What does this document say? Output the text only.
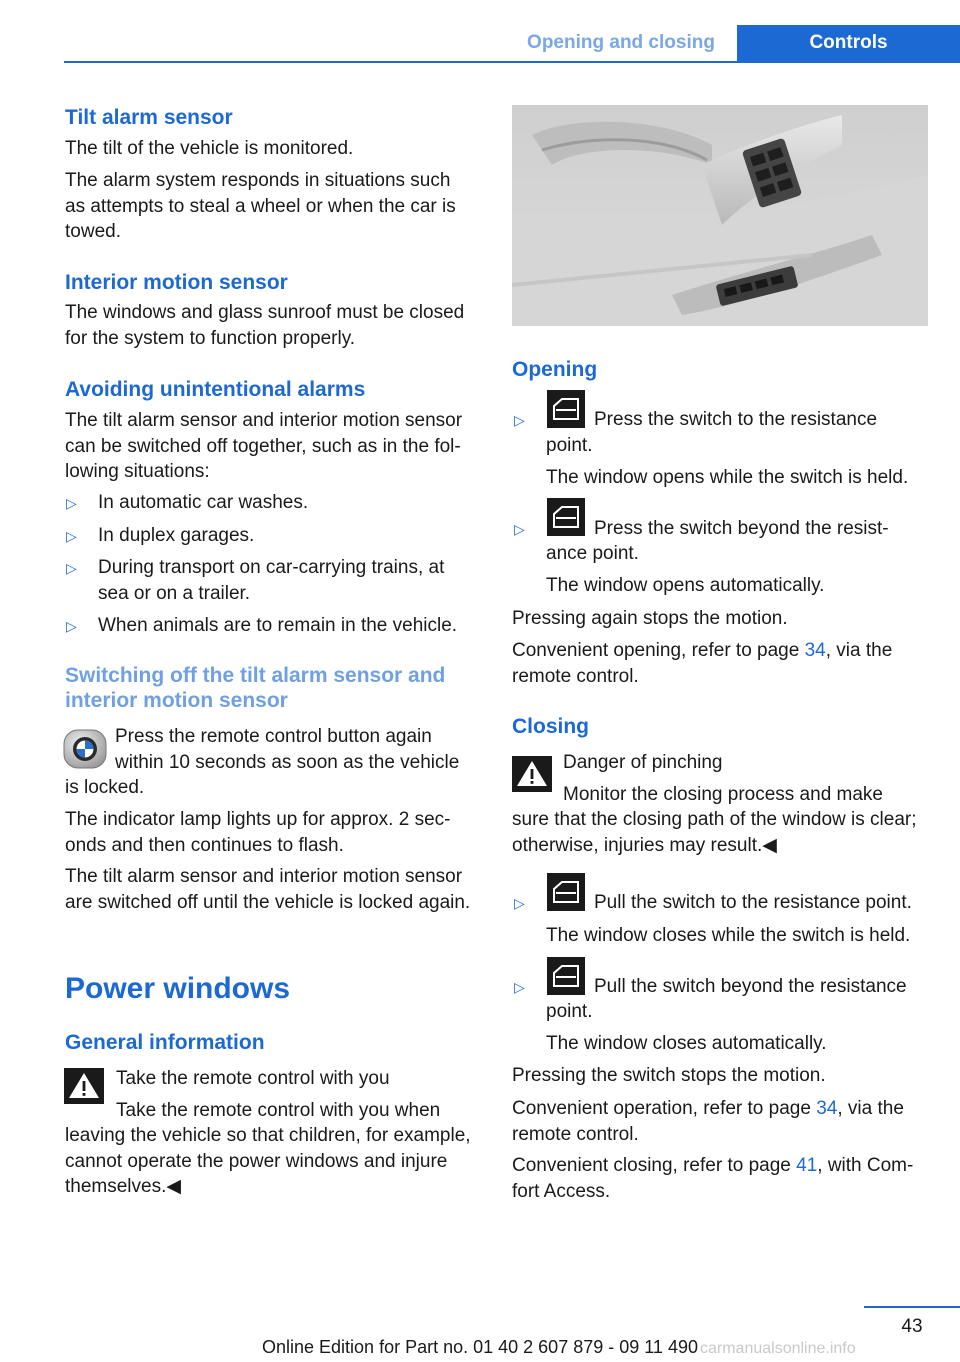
Opening and closing	Controls
Tilt alarm sensor
The tilt of the vehicle is monitored.
The alarm system responds in situations such
as attempts to steal a wheel or when the car is
towed.
Interior motion sensor
The windows and glass sunroof must be closed
for the system to function properly.
Avoiding unintentional alarms
The tilt alarm sensor and interior motion sensor
can be switched off together, such as in the fol‐
lowing situations:
▷ In automatic car washes.
▷ In duplex garages.
▷ During transport on car-carrying trains, at
sea or on a trailer.
▷ When animals are to remain in the vehicle.
Switching off the tilt alarm sensor and
interior motion sensor
Press the remote control button again
within 10 seconds as soon as the vehicle
is locked.
The indicator lamp lights up for approx. 2 sec‐
onds and then continues to flash.
The tilt alarm sensor and interior motion sensor
are switched off until the vehicle is locked again.
Power windows
General information
Take the remote control with you
Take the remote control with you when
leaving the vehicle so that children, for example,
cannot operate the power windows and injure
themselves.◀
Opening
▷	Press the switch to the resistance
point.
The window opens while the switch is held.
▷	Press the switch beyond the resist‐
ance point.
The window opens automatically.
Pressing again stops the motion.
Convenient opening, refer to page 34, via the
remote control.
Closing
Danger of pinching
Monitor the closing process and make
sure that the closing path of the window is clear;
otherwise, injuries may result.◀
▷	Pull the switch to the resistance point.
The window closes while the switch is held.
▷	Pull the switch beyond the resistance
point.
The window closes automatically.
Pressing the switch stops the motion.
Convenient operation, refer to page 34, via the
remote control.
Convenient closing, refer to page 41, with Com‐
fort Access.
43
Online Edition for Part no. 01 40 2 607 879 - 09 11 490 carmanualsonline.info
